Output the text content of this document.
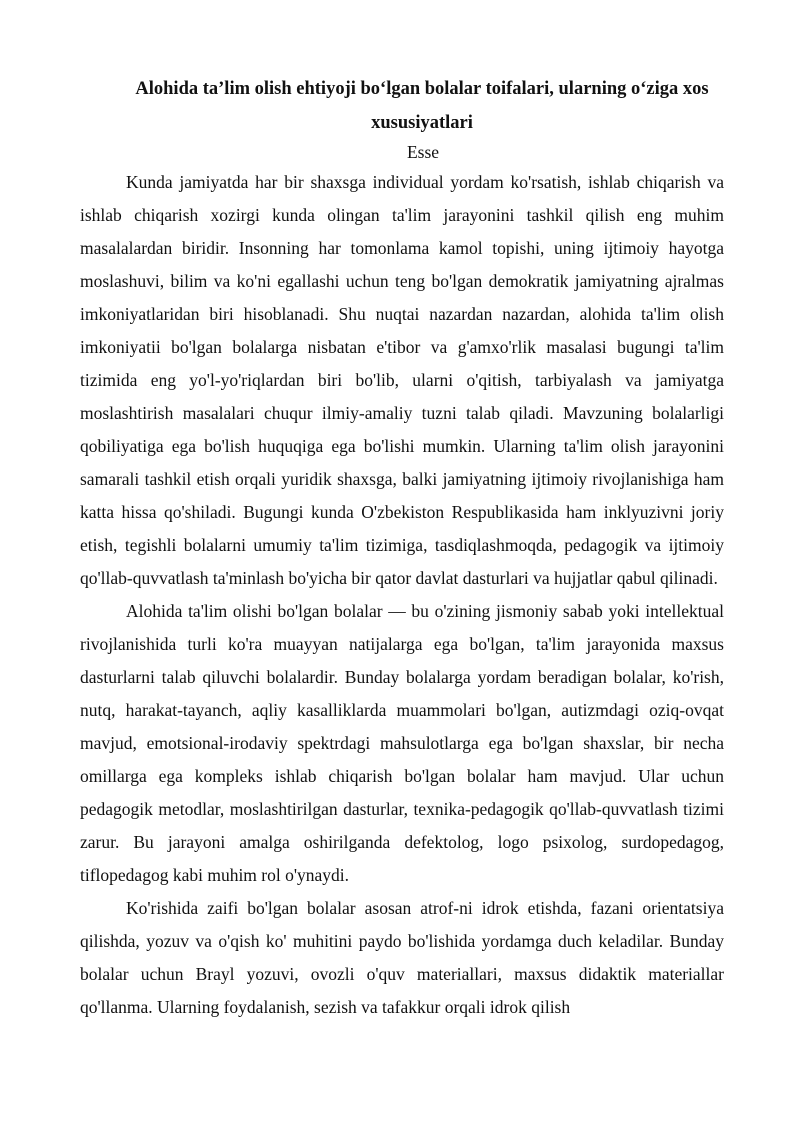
Alohida ta’lim olish ehtiyoji bo‘lgan bolalar toifalari, ularning o‘ziga xos xususiyatlari
Esse

Kunda jamiyatda har bir shaxsga individual yordam ko'rsatish, ishlab chiqarish va ishlab chiqarish xozirgi kunda olingan ta'lim jarayonini tashkil qilish eng muhim masalalardan biridir. Insonning har tomonlama kamol topishi, uning ijtimoiy hayotga moslashuvi, bilim va ko'ni egallashi uchun teng bo'lgan demokratik jamiyatning ajralmas imkoniyatlaridan biri hisoblanadi. Shu nuqtai nazardan nazardan, alohida ta'lim olish imkoniyatii bo'lgan bolalarga nisbatan e'tibor va g'amxo'rlik masalasi bugungi ta'lim tizimida eng yo'l-yo'riqlardan biri bo'lib, ularni o'qitish, tarbiyalash va jamiyatga moslashtirish masalalari chuqur ilmiy-amaliy tuzni talab qiladi. Mavzuning bolalarligi qobiliyatiga ega bo'lish huquqiga ega bo'lishi mumkin. Ularning ta'lim olish jarayonini samarali tashkil etish orqali yuridik shaxsga, balki jamiyatning ijtimoiy rivojlanishiga ham katta hissa qo'shiladi. Bugungi kunda O'zbekiston Respublikasida ham inklyuzivni joriy etish, tegishli bolalarni umumiy ta'lim tizimiga, tasdiqlashmoqda, pedagogik va ijtimoiy qo'llab-quvvatlash ta'minlash bo'yicha bir qator davlat dasturlari va hujjatlar qabul qilinadi.

Alohida ta'lim olishi bo'lgan bolalar — bu o'zining jismoniy sabab yoki intellektual rivojlanishida turli ko'ra muayyan natijalarga ega bo'lgan, ta'lim jarayonida maxsus dasturlarni talab qiluvchi bolalardir. Bunday bolalarga yordam beradigan bolalar, ko'rish, nutq, harakat-tayanch, aqliy kasalliklarda muammolari bo'lgan, autizmdagi oziq-ovqat mavjud, emotsional-irodaviy spektrdagi mahsulotlarga ega bo'lgan shaxslar, bir necha omillarga ega kompleks ishlab chiqarish bo'lgan bolalar ham mavjud. Ular uchun pedagogik metodlar, moslashtirilgan dasturlar, texnika-pedagogik qo'llab-quvvatlash tizimi zarur. Bu jarayoni amalga oshirilganda defektolog, logo psixolog, surdopedagog, tiflopedagog kabi muhim rol o'ynaydi.

Ko'rishida zaifi bo'lgan bolalar asosan atrof-ni idrok etishda, fazani orientatsiya qilishda, yozuv va o'qish ko' muhitini paydo bo'lishida yordamga duch keladilar. Bunday bolalar uchun Brayl yozuvi, ovozli o'quv materiallari, maxsus didaktik materiallar qo'llanma. Ularning foydalanish, sezish va tafakkur orqali idrok qilish
